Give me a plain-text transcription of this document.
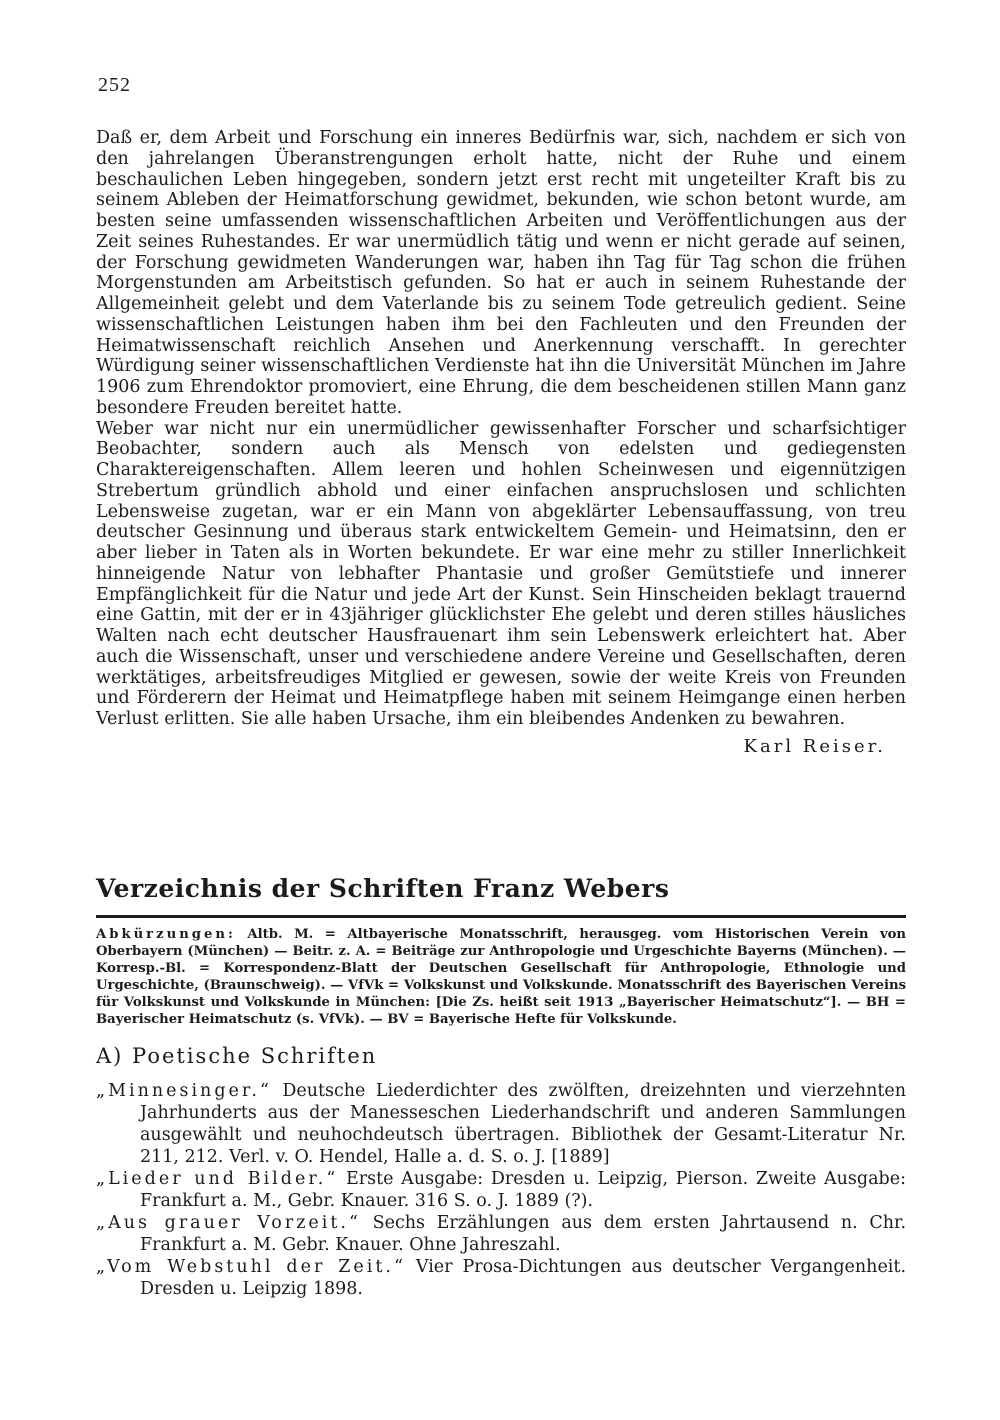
252

Daß er, dem Arbeit und Forschung ein inneres Bedürfnis war, sich, nachdem er sich von den jahrelangen Überanstrengungen erholt hatte, nicht der Ruhe und einem beschaulichen Leben hingegeben, sondern jetzt erst recht mit ungeteilter Kraft bis zu seinem Ableben der Heimatforschung gewidmet, bekunden, wie schon betont wurde, am besten seine umfassenden wissenschaftlichen Arbeiten und Veröffentlichungen aus der Zeit seines Ruhestandes. Er war unermüdlich tätig und wenn er nicht gerade auf seinen, der Forschung gewidmeten Wanderungen war, haben ihn Tag für Tag schon die frühen Morgenstunden am Arbeitstisch gefunden. So hat er auch in seinem Ruhestande der Allgemeinheit gelebt und dem Vaterlande bis zu seinem Tode getreulich gedient. Seine wissenschaftlichen Leistungen haben ihm bei den Fachleuten und den Freunden der Heimatwissenschaft reichlich Ansehen und Anerkennung verschafft. In gerechter Würdigung seiner wissenschaftlichen Verdienste hat ihn die Universität München im Jahre 1906 zum Ehrendoktor promoviert, eine Ehrung, die dem bescheidenen stillen Mann ganz besondere Freuden bereitet hatte.

Weber war nicht nur ein unermüdlicher gewissenhafter Forscher und scharfsichtiger Beobachter, sondern auch als Mensch von edelsten und gediegensten Charaktereigenschaften. Allem leeren und hohlen Scheinwesen und eigennützigen Strebertum gründlich abhold und einer einfachen anspruchslosen und schlichten Lebensweise zugetan, war er ein Mann von abgeklärter Lebensauffassung, von treu deutscher Gesinnung und überaus stark entwickeltem Gemein- und Heimatsinn, den er aber lieber in Taten als in Worten bekundete. Er war eine mehr zu stiller Innerlichkeit hinneigende Natur von lebhafter Phantasie und großer Gemütstiefe und innerer Empfänglichkeit für die Natur und jede Art der Kunst. Sein Hinscheiden beklagt trauernd eine Gattin, mit der er in 43jähriger glücklichster Ehe gelebt und deren stilles häusliches Walten nach echt deutscher Hausfrauenart ihm sein Lebenswerk erleichtert hat. Aber auch die Wissenschaft, unser und verschiedene andere Vereine und Gesellschaften, deren werktätiges, arbeitsfreudiges Mitglied er gewesen, sowie der weite Kreis von Freunden und Förderern der Heimat und Heimatpflege haben mit seinem Heimgange einen herben Verlust erlitten. Sie alle haben Ursache, ihm ein bleibendes Andenken zu bewahren.

Karl Reiser.
Verzeichnis der Schriften Franz Webers

Abkürzungen: Altb. M. = Altbayerische Monatsschrift, herausgeg. vom Historischen Verein von Oberbayern (München) — Beitr. z. A. = Beiträge zur Anthropologie und Urgeschichte Bayerns (München). — Korresp.-Bl. = Korrespondenz-Blatt der Deutschen Gesellschaft für Anthropologie, Ethnologie und Urgeschichte, (Braunschweig). — VfVk = Volkskunst und Volkskunde. Monatsschrift des Bayerischen Vereins für Volkskunst und Volkskunde in München: [Die Zs. heißt seit 1913 „Bayerischer Heimatschutz“]. — BH = Bayerischer Heimatschutz (s. VfVk). — BV = Bayerische Hefte für Volkskunde.

A) Poetische Schriften
„Minnesinger.“ Deutsche Liederdichter des zwölften, dreizehnten und vierzehnten Jahrhunderts aus der Manesseschen Liederhandschrift und anderen Sammlungen ausgewählt und neuhochdeutsch übertragen. Bibliothek der Gesamt-Literatur Nr. 211, 212. Verl. v. O. Hendel, Halle a. d. S. o. J. [1889]
„Lieder und Bilder.“ Erste Ausgabe: Dresden u. Leipzig, Pierson. Zweite Ausgabe: Frankfurt a. M., Gebr. Knauer. 316 S. o. J. 1889 (?).
„Aus grauer Vorzeit.“ Sechs Erzählungen aus dem ersten Jahrtausend n. Chr. Frankfurt a. M. Gebr. Knauer. Ohne Jahreszahl.
„Vom Webstuhl der Zeit.“ Vier Prosa-Dichtungen aus deutscher Vergangenheit. Dresden u. Leipzig 1898.
